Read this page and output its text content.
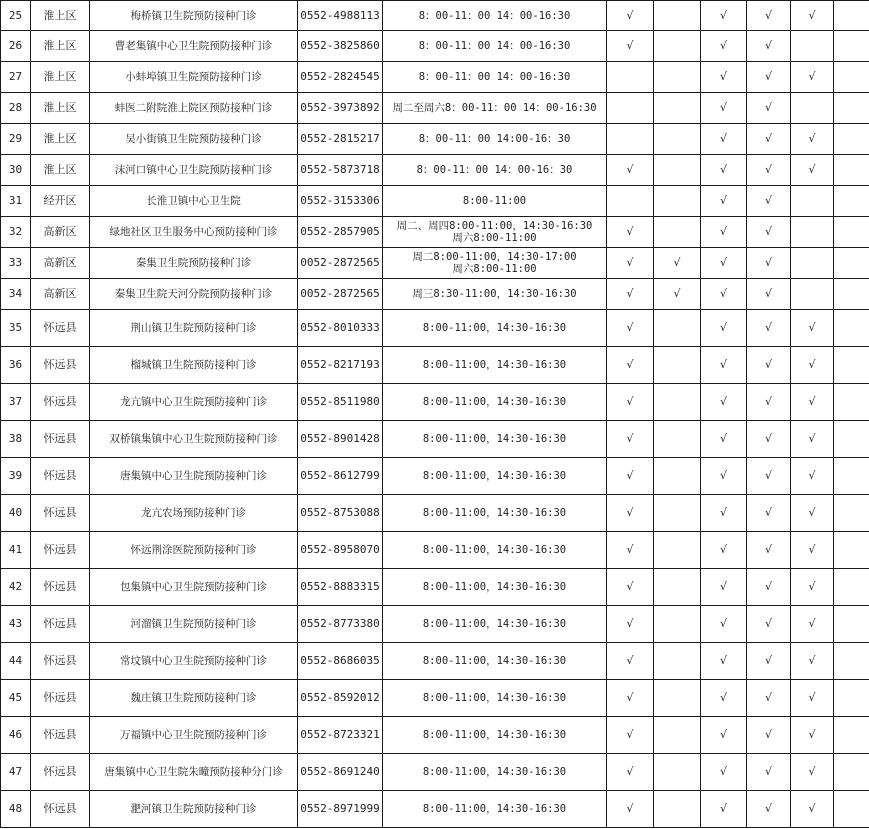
25	淮上区	梅桥镇卫生院预防接种门诊	0552-4988113	8：00-11：00 14：00-16:30	√		√	√	√	
26	淮上区	曹老集镇中心卫生院预防接种门诊	0552-3825860	8：00-11：00 14：00-16:30	√		√	√		
27	淮上区	小蚌埠镇卫生院预防接种门诊	0552-2824545	8：00-11：00 14：00-16:30			√	√	√	
28	淮上区	蚌医二附院淮上院区预防接种门诊	0552-3973892	周二至周六8：00-11：00 14：00-16:30			√	√		
29	淮上区	吴小街镇卫生院预防接种门诊	0552-2815217	8：00-11：00 14:00-16：30			√	√	√	
30	淮上区	沫河口镇中心卫生院预防接种门诊	0552-5873718	8：00-11：00 14：00-16：30	√		√	√	√	
31	经开区	长淮卫镇中心卫生院	0552-3153306	8:00-11:00			√	√		
32	高新区	绿地社区卫生服务中心预防接种门诊	0552-2857905	周二、周四8:00-11:00，14:30-16:30
周六8:00-11:00	√		√	√		
33	高新区	秦集卫生院预防接种门诊	0052-2872565	周二8:00-11:00，14:30-17:00
周六8:00-11:00	√	√	√	√		
34	高新区	秦集卫生院天河分院预防接种门诊	0052-2872565	周三8:30-11:00，14:30-16:30	√	√	√	√		
35	怀远县	荆山镇卫生院预防接种门诊	0552-8010333	8:00-11:00，14:30-16:30	√		√	√	√	
36	怀远县	榴城镇卫生院预防接种门诊	0552-8217193	8:00-11:00，14:30-16:30	√		√	√	√	
37	怀远县	龙亢镇中心卫生院预防接种门诊	0552-8511980	8:00-11:00，14:30-16:30	√		√	√	√	
38	怀远县	双桥镇集镇中心卫生院预防接种门诊	0552-8901428	8:00-11:00，14:30-16:30	√		√	√	√	
39	怀远县	唐集镇中心卫生院预防接种门诊	0552-8612799	8:00-11:00，14:30-16:30	√		√	√	√	
40	怀远县	龙亢农场预防接种门诊	0552-8753088	8:00-11:00，14:30-16:30	√		√	√	√	
41	怀远县	怀远荆涂医院预防接种门诊	0552-8958070	8:00-11:00，14:30-16:30	√		√	√	√	
42	怀远县	包集镇中心卫生院预防接种门诊	0552-8883315	8:00-11:00，14:30-16:30	√		√	√	√	
43	怀远县	河溜镇卫生院预防接种门诊	0552-8773380	8:00-11:00，14:30-16:30	√		√	√	√	
44	怀远县	常坟镇中心卫生院预防接种门诊	0552-8686035	8:00-11:00，14:30-16:30	√		√	√	√	
45	怀远县	魏庄镇卫生院预防接种门诊	0552-8592012	8:00-11:00，14:30-16:30	√		√	√	√	
46	怀远县	万福镇中心卫生院预防接种门诊	0552-8723321	8:00-11:00，14:30-16:30	√		√	√	√	
47	怀远县	唐集镇中心卫生院朱疃预防接种分门诊	0552-8691240	8:00-11:00，14:30-16:30	√		√	√	√	
48	怀远县	淝河镇卫生院预防接种门诊	0552-8971999	8:00-11:00，14:30-16:30	√		√	√	√	
